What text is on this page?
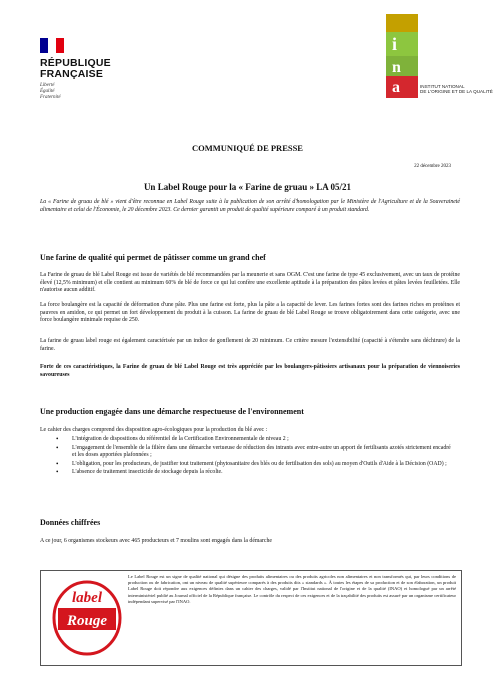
RÉPUBLIQUE
FRANÇAISE
Liberté
Égalité
Fraternité
i
n
a	INSTITUT NATIONAL
DE L'ORIGINE ET DE LA QUALITÉ
COMMUNIQUÉ DE PRESSE
22 décembre 2023
Un Label Rouge pour la « Farine de gruau » LA 05/21
La « Farine de gruau de blé » vient d'être reconnue en Label Rouge suite à la publication de son arrêté d'homologation par le Ministère de l'Agriculture et de la Souveraineté alimentaire et celui de l'Économie, le 20 décembre 2023. Ce dernier garantit un produit de qualité supérieure comparé à un produit standard.
Une farine de qualité qui permet de pâtisser comme un grand chef
La Farine de gruau de blé Label Rouge est issue de variétés de blé recommandées par la meunerie et sans OGM. C'est une farine de type 45 exclusivement, avec un taux de protéine élevé (12,5% minimum) et elle contient au minimum 60% de blé de force ce qui lui confère une excellente aptitude à la préparation des pâtes levées et pâtes levées feuilletées. Elle n'autorise aucun additif.
La force boulangère est la capacité de déformation d'une pâte. Plus une farine est forte, plus la pâte a la capacité de lever. Les farines fortes sont des farines riches en protéines et pauvres en amidon, ce qui permet un fort développement du produit à la cuisson. La farine de gruau de blé Label Rouge se trouve obligatoirement dans cette catégorie, avec une force boulangère minimale requise de 250.
La farine de gruau label rouge est également caractérisée par un indice de gonflement de 20 minimum. Ce critère mesure l'extensibilité (capacité à s'étendre sans déchirure) de la farine.
Forte de ces caractéristiques, la Farine de gruau de blé Label Rouge est très appréciée par les boulangers-pâtissiers artisanaux pour la préparation de viennoiseries savoureuses
Une production engagée dans une démarche respectueuse de l'environnement
Le cahier des charges comprend des disposition agro-écologiques pour la production du blé avec :
• L'intégration de dispositions du référentiel de la Certification Environnementale de niveau 2 ;
• L'engagement de l'ensemble de la filière dans une démarche vertueuse de réduction des intrants avec entre-autre un apport de fertilisants azotés strictement encadré et les doses apportées plafonnées ;
• L'obligation, pour les producteurs, de justifier tout traitement (phytosanitaire des blés ou de fertilisation des sols) au moyen d'Outils d'Aide à la Décision (OAD) ;
• L'absence de traitement insecticide de stockage depuis la récolte.
Données chiffrées
A ce jour, 6 organismes stockeurs avec 465 producteurs et 7 moulins sont engagés dans la démarche
label
Rouge
Le Label Rouge est un signe de qualité national qui désigne des produits alimentaires ou des produits agricoles non alimentaires et non transformés qui, par leurs conditions de production ou de fabrication, ont un niveau de qualité supérieure comparés à des produits dits « standards ». À toutes les étapes de sa production et de son élaboration, un produit Label Rouge doit répondre aux exigences définies dans un cahier des charges, validé par l'Institut national de l'origine et de la qualité (INAO) et homologué par un arrêté interministériel publié au Journal officiel de la République française. Le contrôle du respect de ces exigences et de la traçabilité des produits est assuré par un organisme certificateur indépendant supervisé par l'INAO.
